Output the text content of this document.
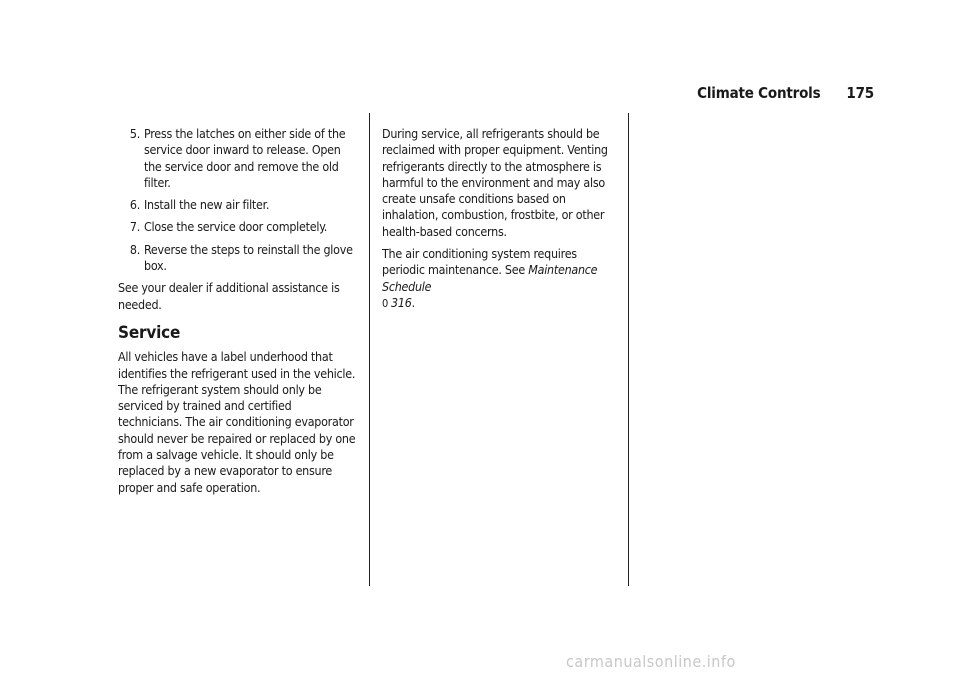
Climate Controls 175
5. Press the latches on either side of the service door inward to release. Open the service door and remove the old filter.
6. Install the new air filter.
7. Close the service door completely.
8. Reverse the steps to reinstall the glove box.

See your dealer if additional assistance is needed.

Service

All vehicles have a label underhood that identifies the refrigerant used in the vehicle. The refrigerant system should only be serviced by trained and certified technicians. The air conditioning evaporator should never be repaired or replaced by one from a salvage vehicle. It should only be replaced by a new evaporator to ensure proper and safe operation.

During service, all refrigerants should be reclaimed with proper equipment. Venting refrigerants directly to the atmosphere is harmful to the environment and may also create unsafe conditions based on inhalation, combustion, frostbite, or other health-based concerns.

The air conditioning system requires periodic maintenance. See Maintenance Schedule
0 316.

carmanualsonline.info
